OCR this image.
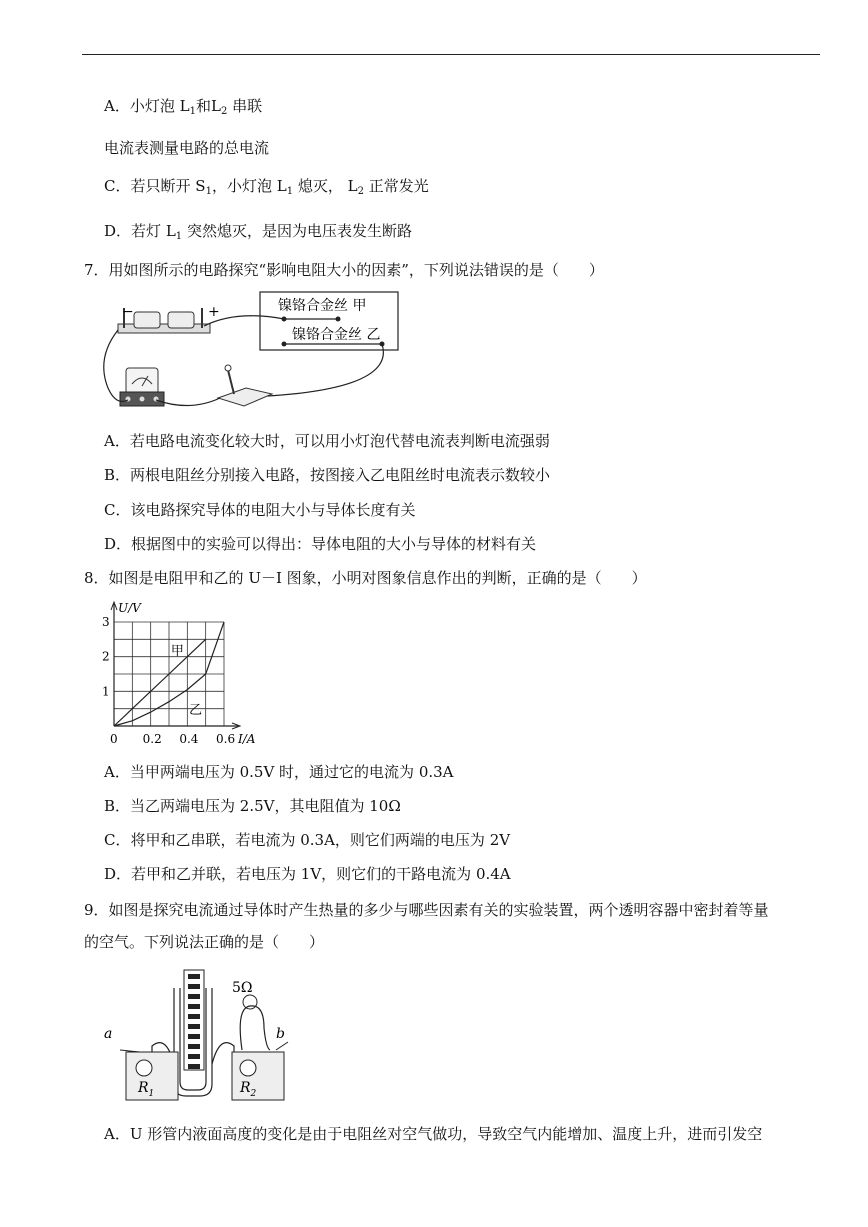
A．小灯泡 $L_1$和$L_2$ 串联
电流表测量电路的总电流
C．若只断开 $S_1$，小灯泡 $L_1$ 熄灭， $L_2$ 正常发光
D．若灯 $L_1$ 突然熄灭，是因为电压表发生断路
7．用如图所示的电路探究“影响电阻大小的因素”，下列说法错误的是（　　）
−	+	镍铬合金丝 甲
镍铬合金丝 乙
A．若电路电流变化较大时，可以用小灯泡代替电流表判断电流强弱
B．两根电阻丝分别接入电路，按图接入乙电阻丝时电流表示数较小
C．该电路探究导体的电阻大小与导体长度有关
D．根据图中的实验可以得出：导体电阻的大小与导体的材料有关
8．如图是电阻甲和乙的 U－I 图象，小明对图象信息作出的判断，正确的是（　　）
0 0.2 0.4 0.6
1
2
3
U/V
I/A
甲
乙
A．当甲两端电压为 0.5V 时，通过它的电流为 0.3A
B．当乙两端电压为 2.5V，其电阻值为 10Ω
C．将甲和乙串联，若电流为 0.3A，则它们两端的电压为 2V
D．若甲和乙并联，若电压为 1V，则它们的干路电流为 0.4A
9．如图是探究电流通过导体时产生热量的多少与哪些因素有关的实验装置，两个透明容器中密封着等量
的空气。下列说法正确的是（　　）
5Ω
a	b
$R_1$	$R_2$
A．U 形管内液面高度的变化是由于电阻丝对空气做功，导致空气内能增加、温度上升，进而引发空
